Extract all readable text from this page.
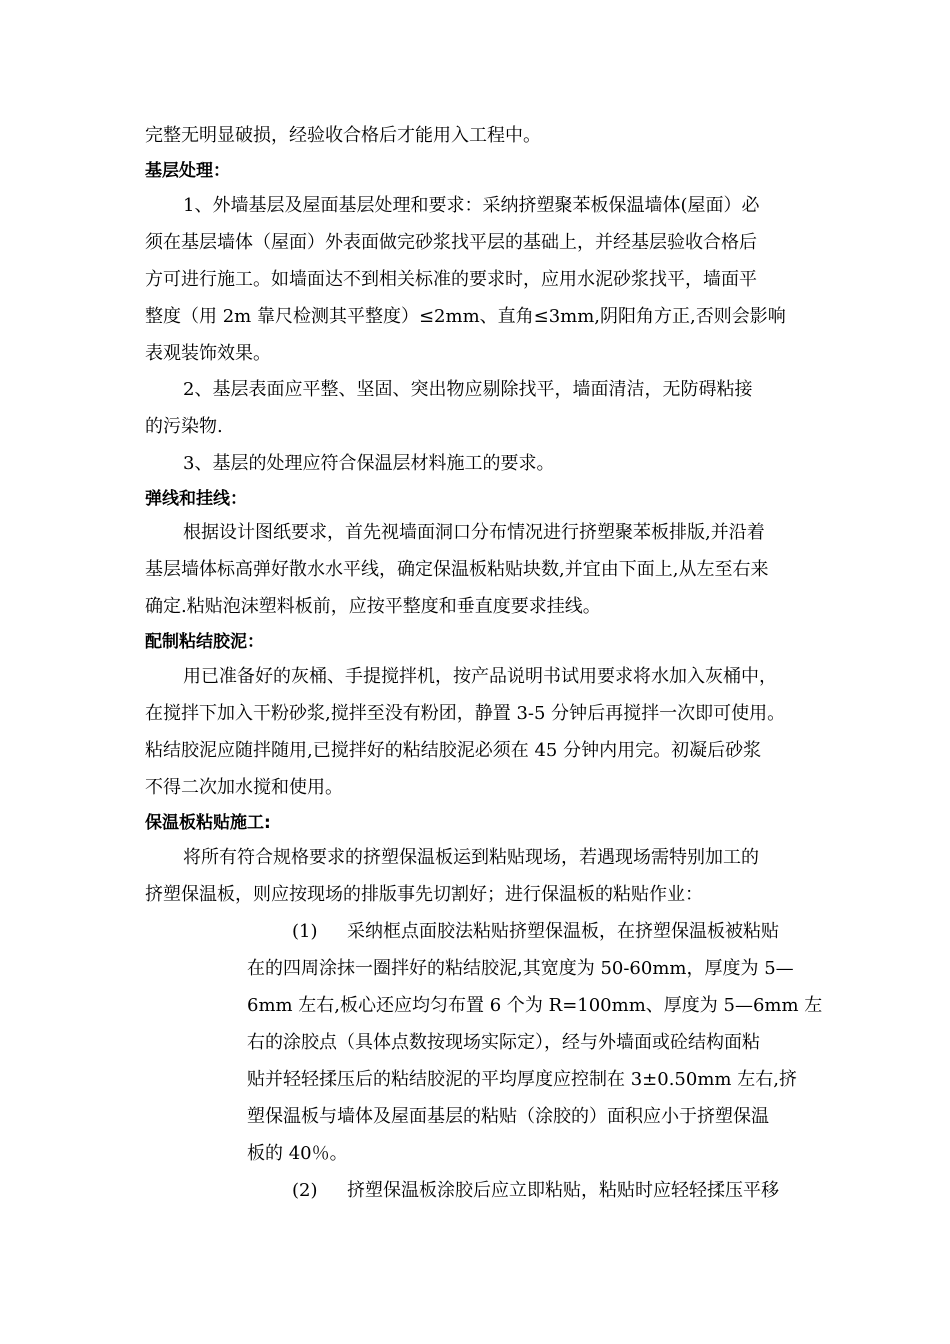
完整无明显破损，经验收合格后才能用入工程中。
基层处理：
1、外墙基层及屋面基层处理和要求：采纳挤塑聚苯板保温墙体(屋面）必
须在基层墙体（屋面）外表面做完砂浆找平层的基础上，并经基层验收合格后
方可进行施工。如墙面达不到相关标准的要求时，应用水泥砂浆找平，墙面平
整度（用 2m 靠尺检测其平整度）≤2mm、直角≤3mm,阴阳角方正,否则会影响
表观装饰效果。
2、基层表面应平整、坚固、突出物应剔除找平，墙面清洁，无防碍粘接
的污染物.
3、基层的处理应符合保温层材料施工的要求。
弹线和挂线：
根据设计图纸要求，首先视墙面洞口分布情况进行挤塑聚苯板排版,并沿着
基层墙体标高弹好散水水平线，确定保温板粘贴块数,并宜由下面上,从左至右来
确定.粘贴泡沫塑料板前，应按平整度和垂直度要求挂线。
配制粘结胶泥：
用已准备好的灰桶、手提搅拌机，按产品说明书试用要求将水加入灰桶中，
在搅拌下加入干粉砂浆,搅拌至没有粉团，静置 3-5 分钟后再搅拌一次即可使用。
粘结胶泥应随拌随用,已搅拌好的粘结胶泥必须在 45 分钟内用完。初凝后砂浆
不得二次加水搅和使用。
保温板粘贴施工:
将所有符合规格要求的挤塑保温板运到粘贴现场，若遇现场需特别加工的
挤塑保温板，则应按现场的排版事先切割好；进行保温板的粘贴作业：
(1) 采纳框点面胶法粘贴挤塑保温板，在挤塑保温板被粘贴
在的四周涂抹一圈拌好的粘结胶泥,其宽度为 50-60mm，厚度为 5—
6mm 左右,板心还应均匀布置 6 个为 R=100mm、厚度为 5—6mm 左
右的涂胶点（具体点数按现场实际定），经与外墙面或砼结构面粘
贴并轻轻揉压后的粘结胶泥的平均厚度应控制在 3±0.50mm 左右,挤
塑保温板与墙体及屋面基层的粘贴（涂胶的）面积应小于挤塑保温
板的 40％。
(2) 挤塑保温板涂胶后应立即粘贴，粘贴时应轻轻揉压平移
